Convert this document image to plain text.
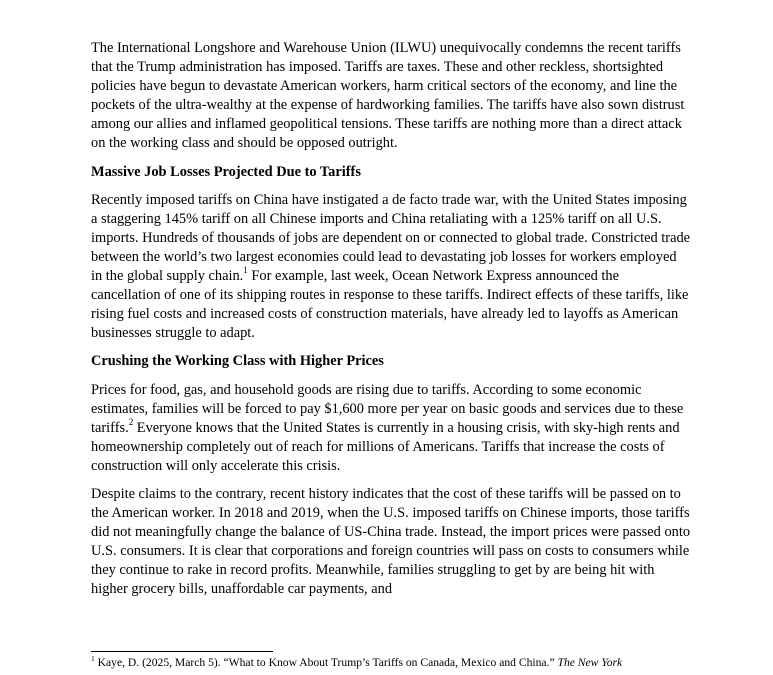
The International Longshore and Warehouse Union (ILWU) unequivocally condemns the recent tariffs that the Trump administration has imposed. Tariffs are taxes. These and other reckless, shortsighted policies have begun to devastate American workers, harm critical sectors of the economy, and line the pockets of the ultra-wealthy at the expense of hardworking families. The tariffs have also sown distrust among our allies and inflamed geopolitical tensions. These tariffs are nothing more than a direct attack on the working class and should be opposed outright.

Massive Job Losses Projected Due to Tariffs

Recently imposed tariffs on China have instigated a de facto trade war, with the United States imposing a staggering 145% tariff on all Chinese imports and China retaliating with a 125% tariff on all U.S. imports. Hundreds of thousands of jobs are dependent on or connected to global trade. Constricted trade between the world’s two largest economies could lead to devastating job losses for workers employed in the global supply chain.$^1$ For example, last week, Ocean Network Express announced the cancellation of one of its shipping routes in response to these tariffs. Indirect effects of these tariffs, like rising fuel costs and increased costs of construction materials, have already led to layoffs as American businesses struggle to adapt.

Crushing the Working Class with Higher Prices

Prices for food, gas, and household goods are rising due to tariffs. According to some economic estimates, families will be forced to pay $1,600 more per year on basic goods and services due to these tariffs.$^2$ Everyone knows that the United States is currently in a housing crisis, with sky-high rents and homeownership completely out of reach for millions of Americans. Tariffs that increase the costs of construction will only accelerate this crisis.

Despite claims to the contrary, recent history indicates that the cost of these tariffs will be passed on to the American worker. In 2018 and 2019, when the U.S. imposed tariffs on Chinese imports, those tariffs did not meaningfully change the balance of US-China trade. Instead, the import prices were passed onto U.S. consumers. It is clear that corporations and foreign countries will pass on costs to consumers while they continue to rake in record profits. Meanwhile, families struggling to get by are being hit with higher grocery bills, unaffordable car payments, and

$^1$ Kaye, D. (2025, March 5). “What to Know About Trump’s Tariffs on Canada, Mexico and China.” The New York
